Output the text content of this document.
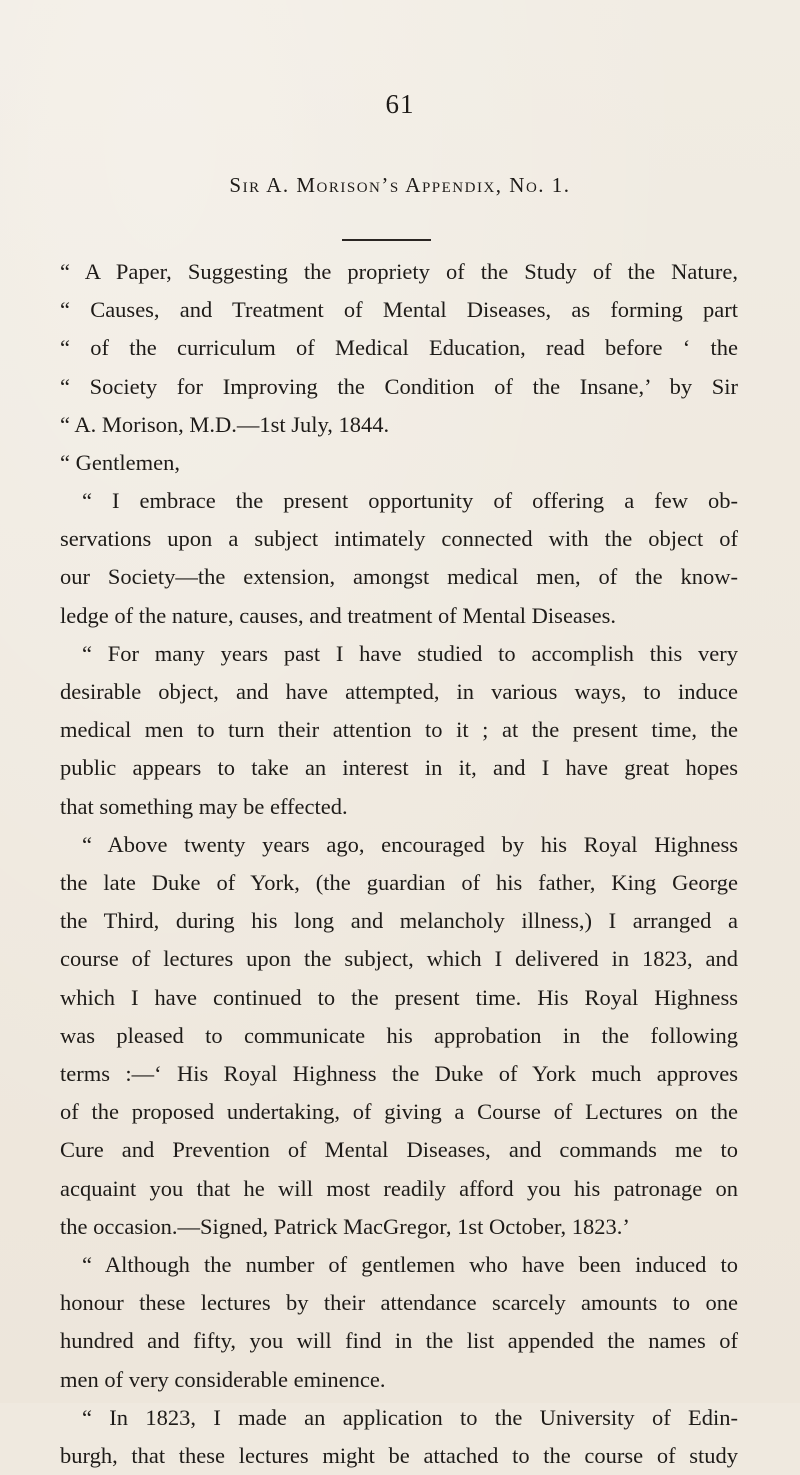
61
Sir A. Morison’s Appendix, No. 1.
“ A Paper, Suggesting the propriety of the Study of the Nature,
“ Causes, and Treatment of Mental Diseases, as forming part
“ of the curriculum of Medical Education, read before ‘ the
“ Society for Improving the Condition of the Insane,’ by Sir
“ A. Morison, M.D.—1st July, 1844.
“ Gentlemen,
“ I embrace the present opportunity of offering a few ob-
servations upon a subject intimately connected with the object of
our Society—the extension, amongst medical men, of the know-
ledge of the nature, causes, and treatment of Mental Diseases.
“ For many years past I have studied to accomplish this very
desirable object, and have attempted, in various ways, to induce
medical men to turn their attention to it ; at the present time, the
public appears to take an interest in it, and I have great hopes
that something may be effected.
“ Above twenty years ago, encouraged by his Royal Highness
the late Duke of York, (the guardian of his father, King George
the Third, during his long and melancholy illness,) I arranged a
course of lectures upon the subject, which I delivered in 1823, and
which I have continued to the present time. His Royal Highness
was pleased to communicate his approbation in the following
terms :—‘ His Royal Highness the Duke of York much approves
of the proposed undertaking, of giving a Course of Lectures on the
Cure and Prevention of Mental Diseases, and commands me to
acquaint you that he will most readily afford you his patronage on
the occasion.—Signed, Patrick MacGregor, 1st October, 1823.’
“ Although the number of gentlemen who have been induced to
honour these lectures by their attendance scarcely amounts to one
hundred and fifty, you will find in the list appended the names of
men of very considerable eminence.
“ In 1823, I made an application to the University of Edin-
burgh, that these lectures might be attached to the course of study
